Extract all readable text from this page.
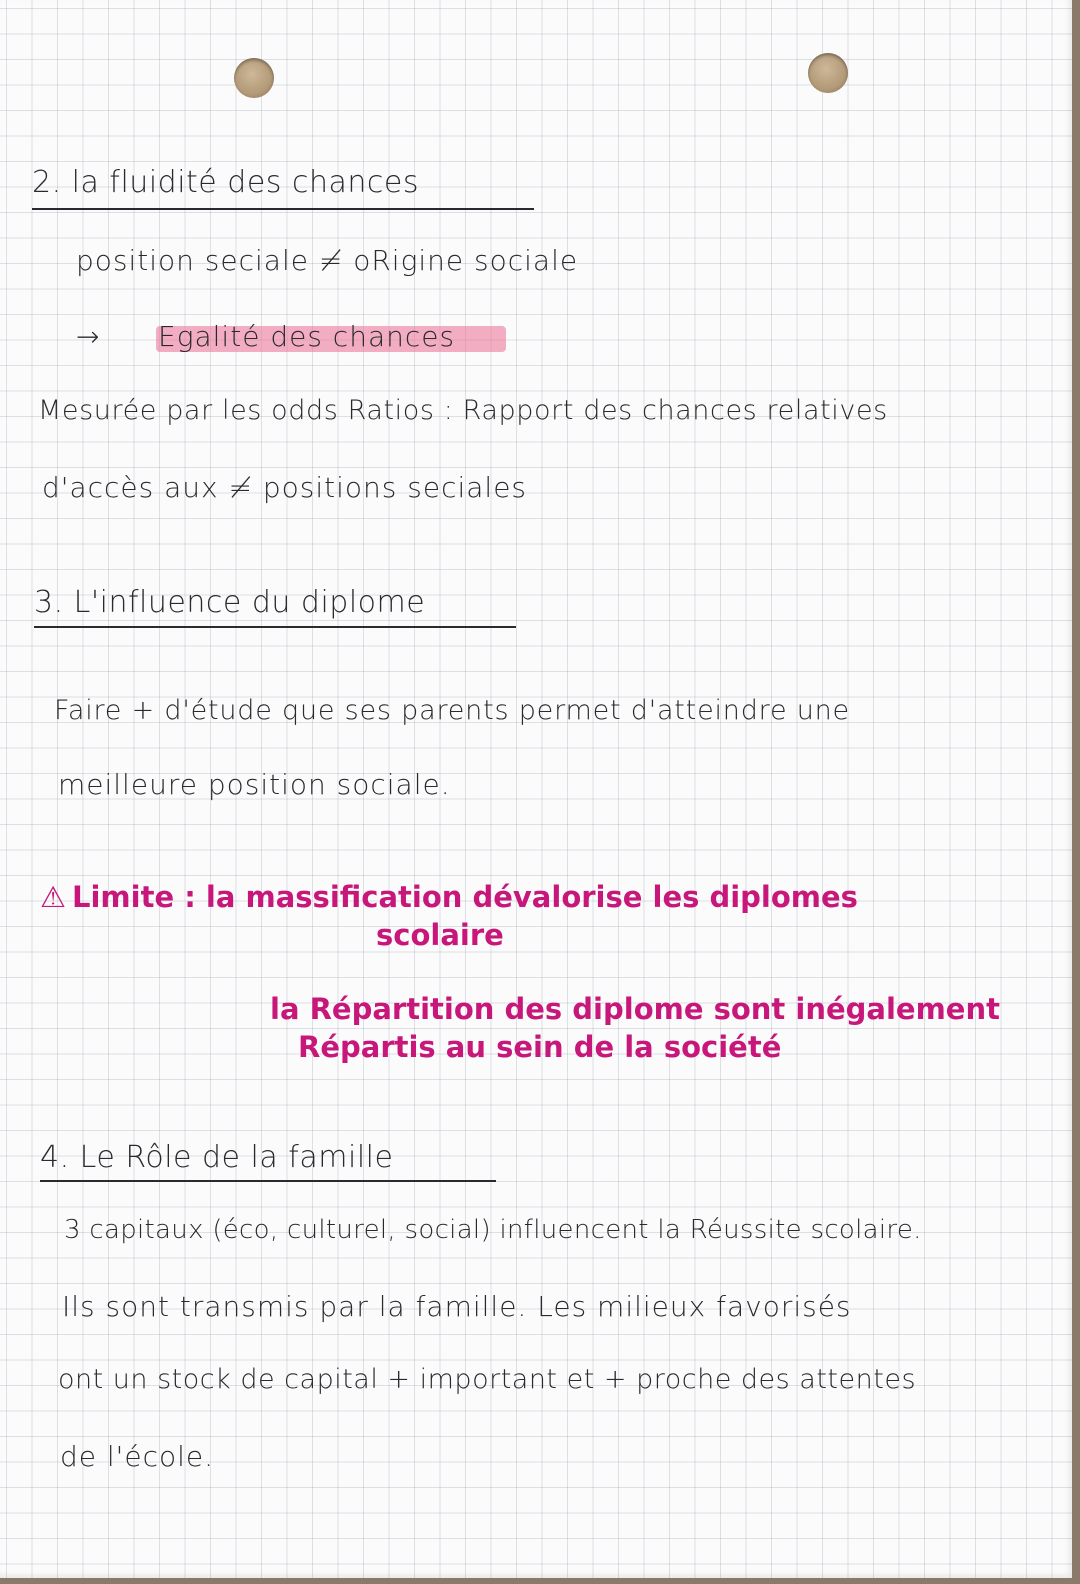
2. la fluidité des chances

position seciale ≠ oRigine sociale

→ Egalité des chances

Mesurée par les odds Ratios : Rapport des chances relatives

d'accès aux ≠ positions seciales

3. L'influence du diplome

Faire + d'étude que ses parents permet d'atteindre une

meilleure position sociale.

⚠ Limite : la massification dévalorise les diplomes

scolaire

la Répartition des diplome sont inégalement

Répartis au sein de la société

4. Le Rôle de la famille

3 capitaux (éco, culturel, social) influencent la Réussite scolaire.

Ils sont transmis par la famille. Les milieux favorisés

ont un stock de capital + important et + proche des attentes

de l'école.
